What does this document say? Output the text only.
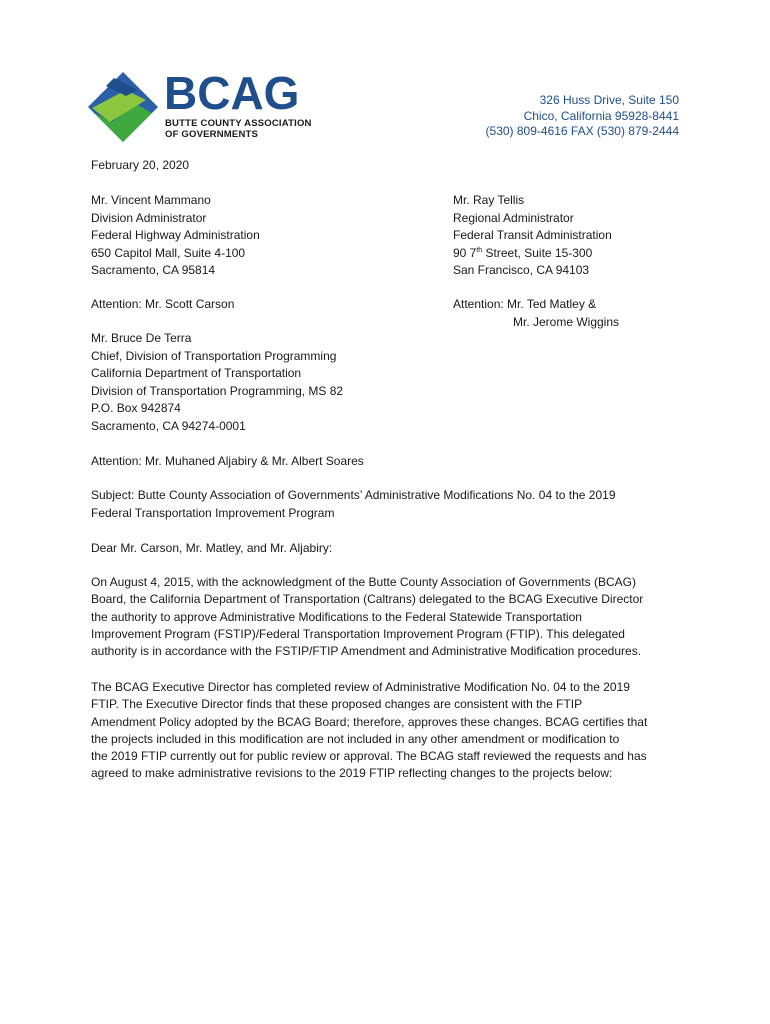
BCAG
BUTTE COUNTY ASSOCIATION
OF GOVERNMENTS
326 Huss Drive, Suite 150
Chico, California 95928-8441
(530) 809-4616 FAX (530) 879-2444
February 20, 2020
Mr. Vincent Mammano
Division Administrator
Federal Highway Administration
650 Capitol Mall, Suite 4-100
Sacramento, CA 95814
Attention: Mr. Scott Carson
Mr. Ray Tellis
Regional Administrator
Federal Transit Administration
90 7th Street, Suite 15-300
San Francisco, CA 94103
Attention: Mr. Ted Matley &
Mr. Jerome Wiggins
Mr. Bruce De Terra
Chief, Division of Transportation Programming
California Department of Transportation
Division of Transportation Programming, MS 82
P.O. Box 942874
Sacramento, CA 94274-0001
Attention: Mr. Muhaned Aljabiry & Mr. Albert Soares
Subject: Butte County Association of Governments’ Administrative Modifications No. 04 to the 2019
Federal Transportation Improvement Program
Dear Mr. Carson, Mr. Matley, and Mr. Aljabiry:
On August 4, 2015, with the acknowledgment of the Butte County Association of Governments (BCAG)
Board, the California Department of Transportation (Caltrans) delegated to the BCAG Executive Director
the authority to approve Administrative Modifications to the Federal Statewide Transportation
Improvement Program (FSTIP)/Federal Transportation Improvement Program (FTIP). This delegated
authority is in accordance with the FSTIP/FTIP Amendment and Administrative Modification procedures.
The BCAG Executive Director has completed review of Administrative Modification No. 04 to the 2019
FTIP. The Executive Director finds that these proposed changes are consistent with the FTIP
Amendment Policy adopted by the BCAG Board; therefore, approves these changes. BCAG certifies that
the projects included in this modification are not included in any other amendment or modification to
the 2019 FTIP currently out for public review or approval. The BCAG staff reviewed the requests and has
agreed to make administrative revisions to the 2019 FTIP reflecting changes to the projects below:
